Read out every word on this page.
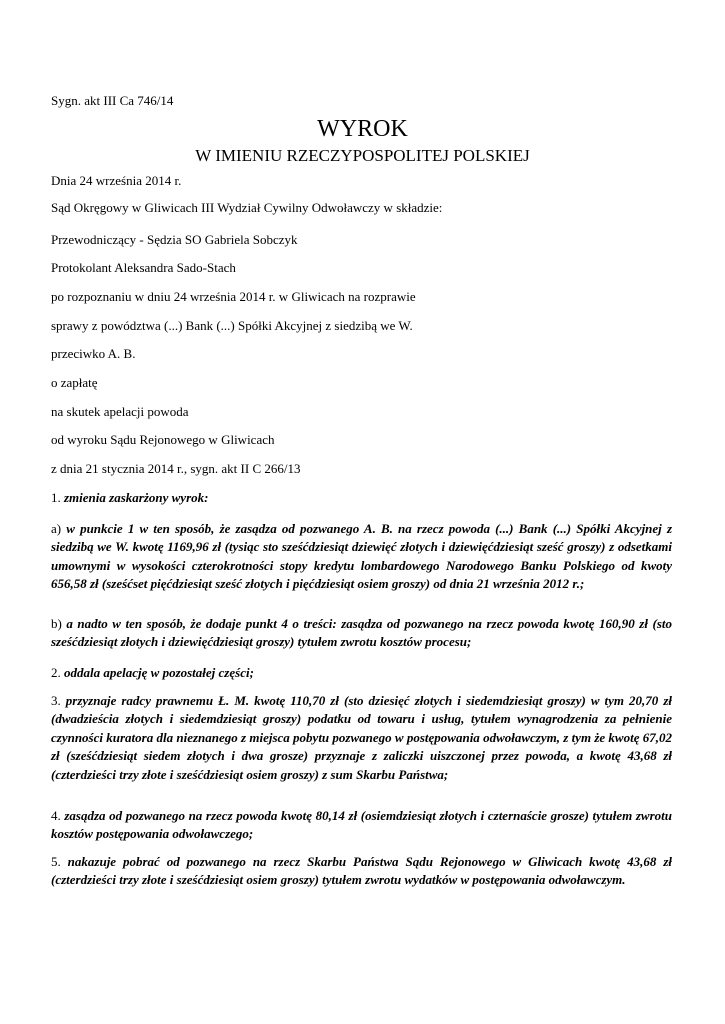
Sygn. akt III Ca 746/14
WYROK
W IMIENIU RZECZYPOSPOLITEJ POLSKIEJ
Dnia 24 września 2014 r.
Sąd Okręgowy w Gliwicach III Wydział Cywilny Odwoławczy w składzie:
Przewodniczący - Sędzia SO Gabriela Sobczyk
Protokolant Aleksandra Sado-Stach
po rozpoznaniu w dniu 24 września 2014 r. w Gliwicach na rozprawie
sprawy z powództwa (...) Bank (...) Spółki Akcyjnej z siedzibą we W.
przeciwko A. B.
o zapłatę
na skutek apelacji powoda
od wyroku Sądu Rejonowego w Gliwicach
z dnia 21 stycznia 2014 r., sygn. akt II C 266/13
1. zmienia zaskarżony wyrok:
a) w punkcie 1 w ten sposób, że zasądza od pozwanego A. B. na rzecz powoda (...) Bank (...) Spółki Akcyjnej z siedzibą we W. kwotę 1169,96 zł (tysiąc sto sześćdziesiąt dziewięć złotych i dziewięćdziesiąt sześć groszy) z odsetkami umownymi w wysokości czterokrotności stopy kredytu lombardowego Narodowego Banku Polskiego od kwoty 656,58 zł (sześćset pięćdziesiąt sześć złotych i pięćdziesiąt osiem groszy) od dnia 21 września 2012 r.;
b) a nadto w ten sposób, że dodaje punkt 4 o treści: zasądza od pozwanego na rzecz powoda kwotę 160,90 zł (sto sześćdziesiąt złotych i dziewięćdziesiąt groszy) tytułem zwrotu kosztów procesu;
2. oddala apelację w pozostałej części;
3. przyznaje radcy prawnemu Ł. M. kwotę 110,70 zł (sto dziesięć złotych i siedemdziesiąt groszy) w tym 20,70 zł (dwadzieścia złotych i siedemdziesiąt groszy) podatku od towaru i usług, tytułem wynagrodzenia za pełnienie czynności kuratora dla nieznanego z miejsca pobytu pozwanego w postępowania odwoławczym, z tym że kwotę 67,02 zł (sześćdziesiąt siedem złotych i dwa grosze) przyznaje z zaliczki uiszczonej przez powoda, a kwotę 43,68 zł (czterdzieści trzy złote i sześćdziesiąt osiem groszy) z sum Skarbu Państwa;
4. zasądza od pozwanego na rzecz powoda kwotę 80,14 zł (osiemdziesiąt złotych i czternaście grosze) tytułem zwrotu kosztów postępowania odwoławczego;
5. nakazuje pobrać od pozwanego na rzecz Skarbu Państwa Sądu Rejonowego w Gliwicach kwotę 43,68 zł (czterdzieści trzy złote i sześćdziesiąt osiem groszy) tytułem zwrotu wydatków w postępowania odwoławczym.
